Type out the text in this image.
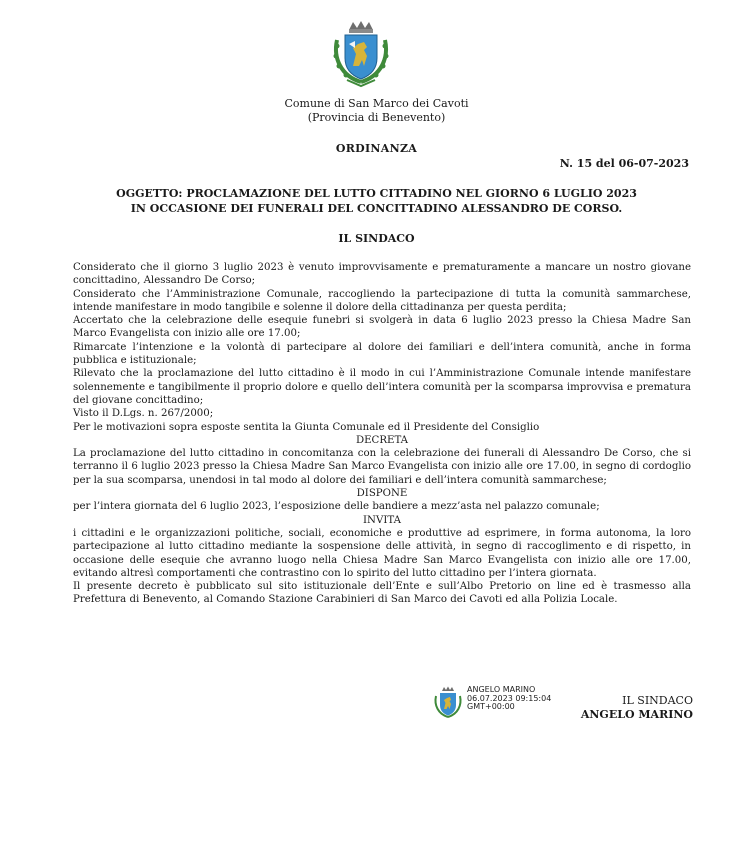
Comune di San Marco dei Cavoti
(Provincia di Benevento)
ORDINANZA
N. 15 del 06-07-2023
OGGETTO: PROCLAMAZIONE DEL LUTTO CITTADINO NEL GIORNO 6 LUGLIO 2023
IN OCCASIONE DEI FUNERALI DEL CONCITTADINO ALESSANDRO DE CORSO.
IL SINDACO

Considerato che il giorno 3 luglio 2023 è venuto improvvisamente e prematuramente a mancare un nostro giovane concittadino, Alessandro De Corso;

Considerato che l’Amministrazione Comunale, raccogliendo la partecipazione di tutta la comunità sammarchese, intende manifestare in modo tangibile e solenne il dolore della cittadinanza per questa perdita;

Accertato che la celebrazione delle esequie funebri si svolgerà in data 6 luglio 2023 presso la Chiesa Madre San Marco Evangelista con inizio alle ore 17.00;

Rimarcate l’intenzione e la volontà di partecipare al dolore dei familiari e dell’intera comunità, anche in forma pubblica e istituzionale;

Rilevato che la proclamazione del lutto cittadino è il modo in cui l’Amministrazione Comunale intende manifestare solennemente e tangibilmente il proprio dolore e quello dell’intera comunità per la scomparsa improvvisa e prematura del giovane concittadino;

Visto il D.Lgs. n. 267/2000;

Per le motivazioni sopra esposte sentita la Giunta Comunale ed il Presidente del Consiglio

DECRETA

La proclamazione del lutto cittadino in concomitanza con la celebrazione dei funerali di Alessandro De Corso, che si terranno il 6 luglio 2023 presso la Chiesa Madre San Marco Evangelista con inizio alle ore 17.00, in segno di cordoglio per la sua scomparsa, unendosi in tal modo al dolore dei familiari e dell’intera comunità sammarchese;

DISPONE

per l’intera giornata del 6 luglio 2023, l’esposizione delle bandiere a mezz’asta nel palazzo comunale;

INVITA

i cittadini e le organizzazioni politiche, sociali, economiche e produttive ad esprimere, in forma autonoma, la loro partecipazione al lutto cittadino mediante la sospensione delle attività, in segno di raccoglimento e di rispetto, in occasione delle esequie che avranno luogo nella Chiesa Madre San Marco Evangelista con inizio alle ore 17.00, evitando altresì comportamenti che contrastino con lo spirito del lutto cittadino per l’intera giornata.

Il presente decreto è pubblicato sul sito istituzionale dell’Ente e sull’Albo Pretorio on line ed è trasmesso alla Prefettura di Benevento, al Comando Stazione Carabinieri di San Marco dei Cavoti ed alla Polizia Locale.

ANGELO MARINO
06.07.2023 09:15:04
GMT+00:00	IL SINDACO
ANGELO MARINO
